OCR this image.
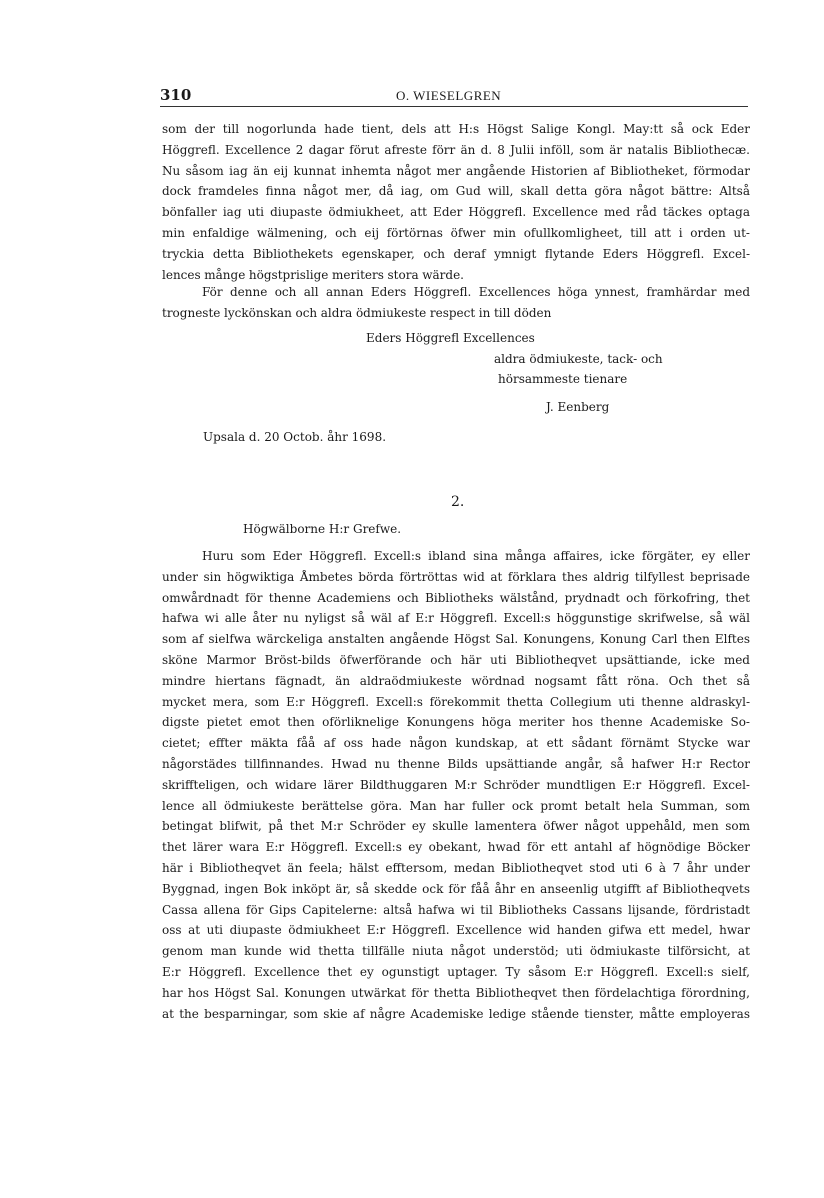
310	O. WIESELGREN
som der till nogorlunda hade tient, dels att H:s Högst Salige Kongl. May:tt så ock Eder
Höggrefl. Excellence 2 dagar förut afreste förr än d. 8 Julii inföll, som är natalis Bibliothecæ.
Nu såsom iag än eij kunnat inhemta något mer angående Historien af Bibliotheket, förmodar
dock framdeles finna något mer, då iag, om Gud will, skall detta göra något bättre: Altså
bönfaller iag uti diupaste ödmiukheet, att Eder Höggrefl. Excellence med råd täckes optaga
min enfaldige wälmening, och eij förtörnas öfwer min ofullkomligheet, till att i orden ut-
tryckia detta Bibliothekets egenskaper, och deraf ymnigt flytande Eders Höggrefl. Excel-
lences månge högstprislige meriters stora wärde.
För denne och all annan Eders Höggrefl. Excellences höga ynnest, framhärdar med
trogneste lyckönskan och aldra ödmiukeste respect in till döden
Eders Höggrefl Excellences
aldra ödmiukeste, tack- och
hörsammeste tienare
J. Eenberg
Upsala d. 20 Octob. åhr 1698.
2.
Högwälborne H:r Grefwe.
Huru som Eder Höggrefl. Excell:s ibland sina många affaires, icke förgäter, ey eller
under sin högwiktiga Åmbetes börda förtröttas wid at förklara thes aldrig tilfyllest beprisade
omwårdnadt för thenne Academiens och Bibliotheks wälstånd, prydnadt och förkofring, thet
hafwa wi alle åter nu nyligst så wäl af E:r Höggrefl. Excell:s höggunstige skrifwelse, så wäl
som af sielfwa wärckeliga anstalten angående Högst Sal. Konungens, Konung Carl then Elftes
sköne Marmor Bröst-bilds öfwerförande och här uti Bibliotheqvet upsättiande, icke med
mindre hiertans fägnadt, än aldraödmiukeste wördnad nogsamt fått röna. Och thet så
mycket mera, som E:r Höggrefl. Excell:s förekommit thetta Collegium uti thenne aldraskyl-
digste pietet emot then oförliknelige Konungens höga meriter hos thenne Academiske So-
cietet; effter mäkta fåå af oss hade någon kundskap, at ett sådant förnämt Stycke war
någorstädes tillfinnandes. Hwad nu thenne Bilds upsättiande angår, så hafwer H:r Rector
skriffteligen, och widare lärer Bildthuggaren M:r Schröder mundtligen E:r Höggrefl. Excel-
lence all ödmiukeste berättelse göra. Man har fuller ock promt betalt hela Summan, som
betingat blifwit, på thet M:r Schröder ey skulle lamentera öfwer något uppehåld, men som
thet lärer wara E:r Höggrefl. Excell:s ey obekant, hwad för ett antahl af högnödige Böcker
här i Bibliotheqvet än feela; hälst efftersom, medan Bibliotheqvet stod uti 6 à 7 åhr under
Byggnad, ingen Bok inköpt är, så skedde ock för fåå åhr en anseenlig utgifft af Bibliotheqvets
Cassa allena för Gips Capitelerne: altså hafwa wi til Bibliotheks Cassans lijsande, fördristadt
oss at uti diupaste ödmiukheet E:r Höggrefl. Excellence wid handen gifwa ett medel, hwar
genom man kunde wid thetta tillfälle niuta något understöd; uti ödmiukaste tilförsicht, at
E:r Höggrefl. Excellence thet ey ogunstigt uptager. Ty såsom E:r Höggrefl. Excell:s sielf,
har hos Högst Sal. Konungen utwärkat för thetta Bibliotheqvet then fördelachtiga förordning,
at the besparningar, som skie af någre Academiske ledige stående tienster, måtte employeras
